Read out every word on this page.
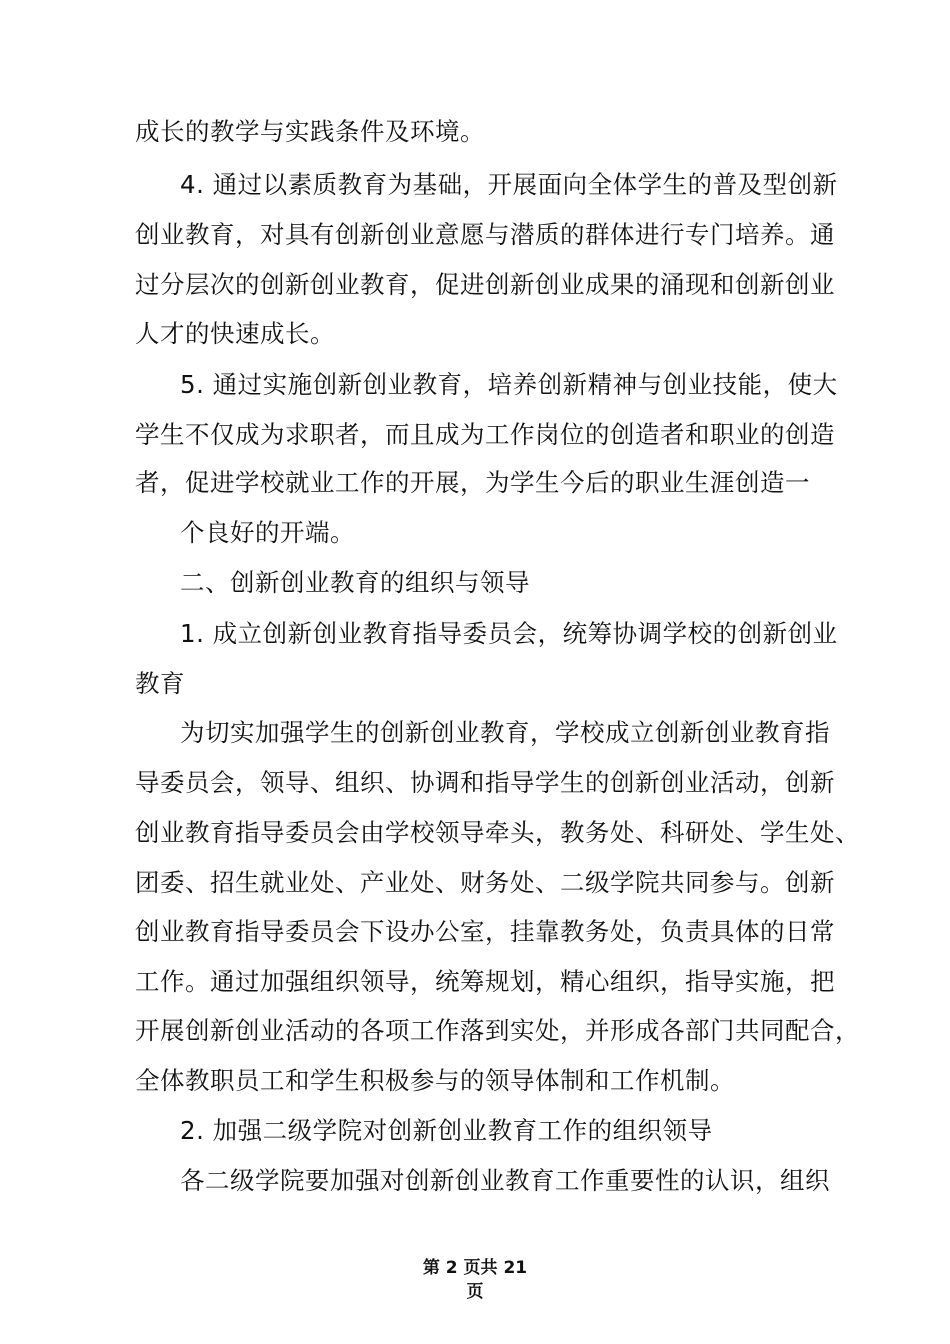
成长的教学与实践条件及环境。
4. 通过以素质教育为基础，开展面向全体学生的普及型创新
创业教育，对具有创新创业意愿与潜质的群体进行专门培养。通
过分层次的创新创业教育，促进创新创业成果的涌现和创新创业
人才的快速成长。
5. 通过实施创新创业教育，培养创新精神与创业技能，使大
学生不仅成为求职者，而且成为工作岗位的创造者和职业的创造
者，促进学校就业工作的开展，为学生今后的职业生涯创造一
个良好的开端。
二、创新创业教育的组织与领导
1. 成立创新创业教育指导委员会，统筹协调学校的创新创业
教育
为切实加强学生的创新创业教育，学校成立创新创业教育指
导委员会，领导、组织、协调和指导学生的创新创业活动，创新
创业教育指导委员会由学校领导牵头，教务处、科研处、学生处、
团委、招生就业处、产业处、财务处、二级学院共同参与。创新
创业教育指导委员会下设办公室，挂靠教务处，负责具体的日常
工作。通过加强组织领导，统筹规划，精心组织，指导实施，把
开展创新创业活动的各项工作落到实处，并形成各部门共同配合，
全体教职员工和学生积极参与的领导体制和工作机制。
2. 加强二级学院对创新创业教育工作的组织领导
各二级学院要加强对创新创业教育工作重要性的认识，组织
第 2 页共 21
页
